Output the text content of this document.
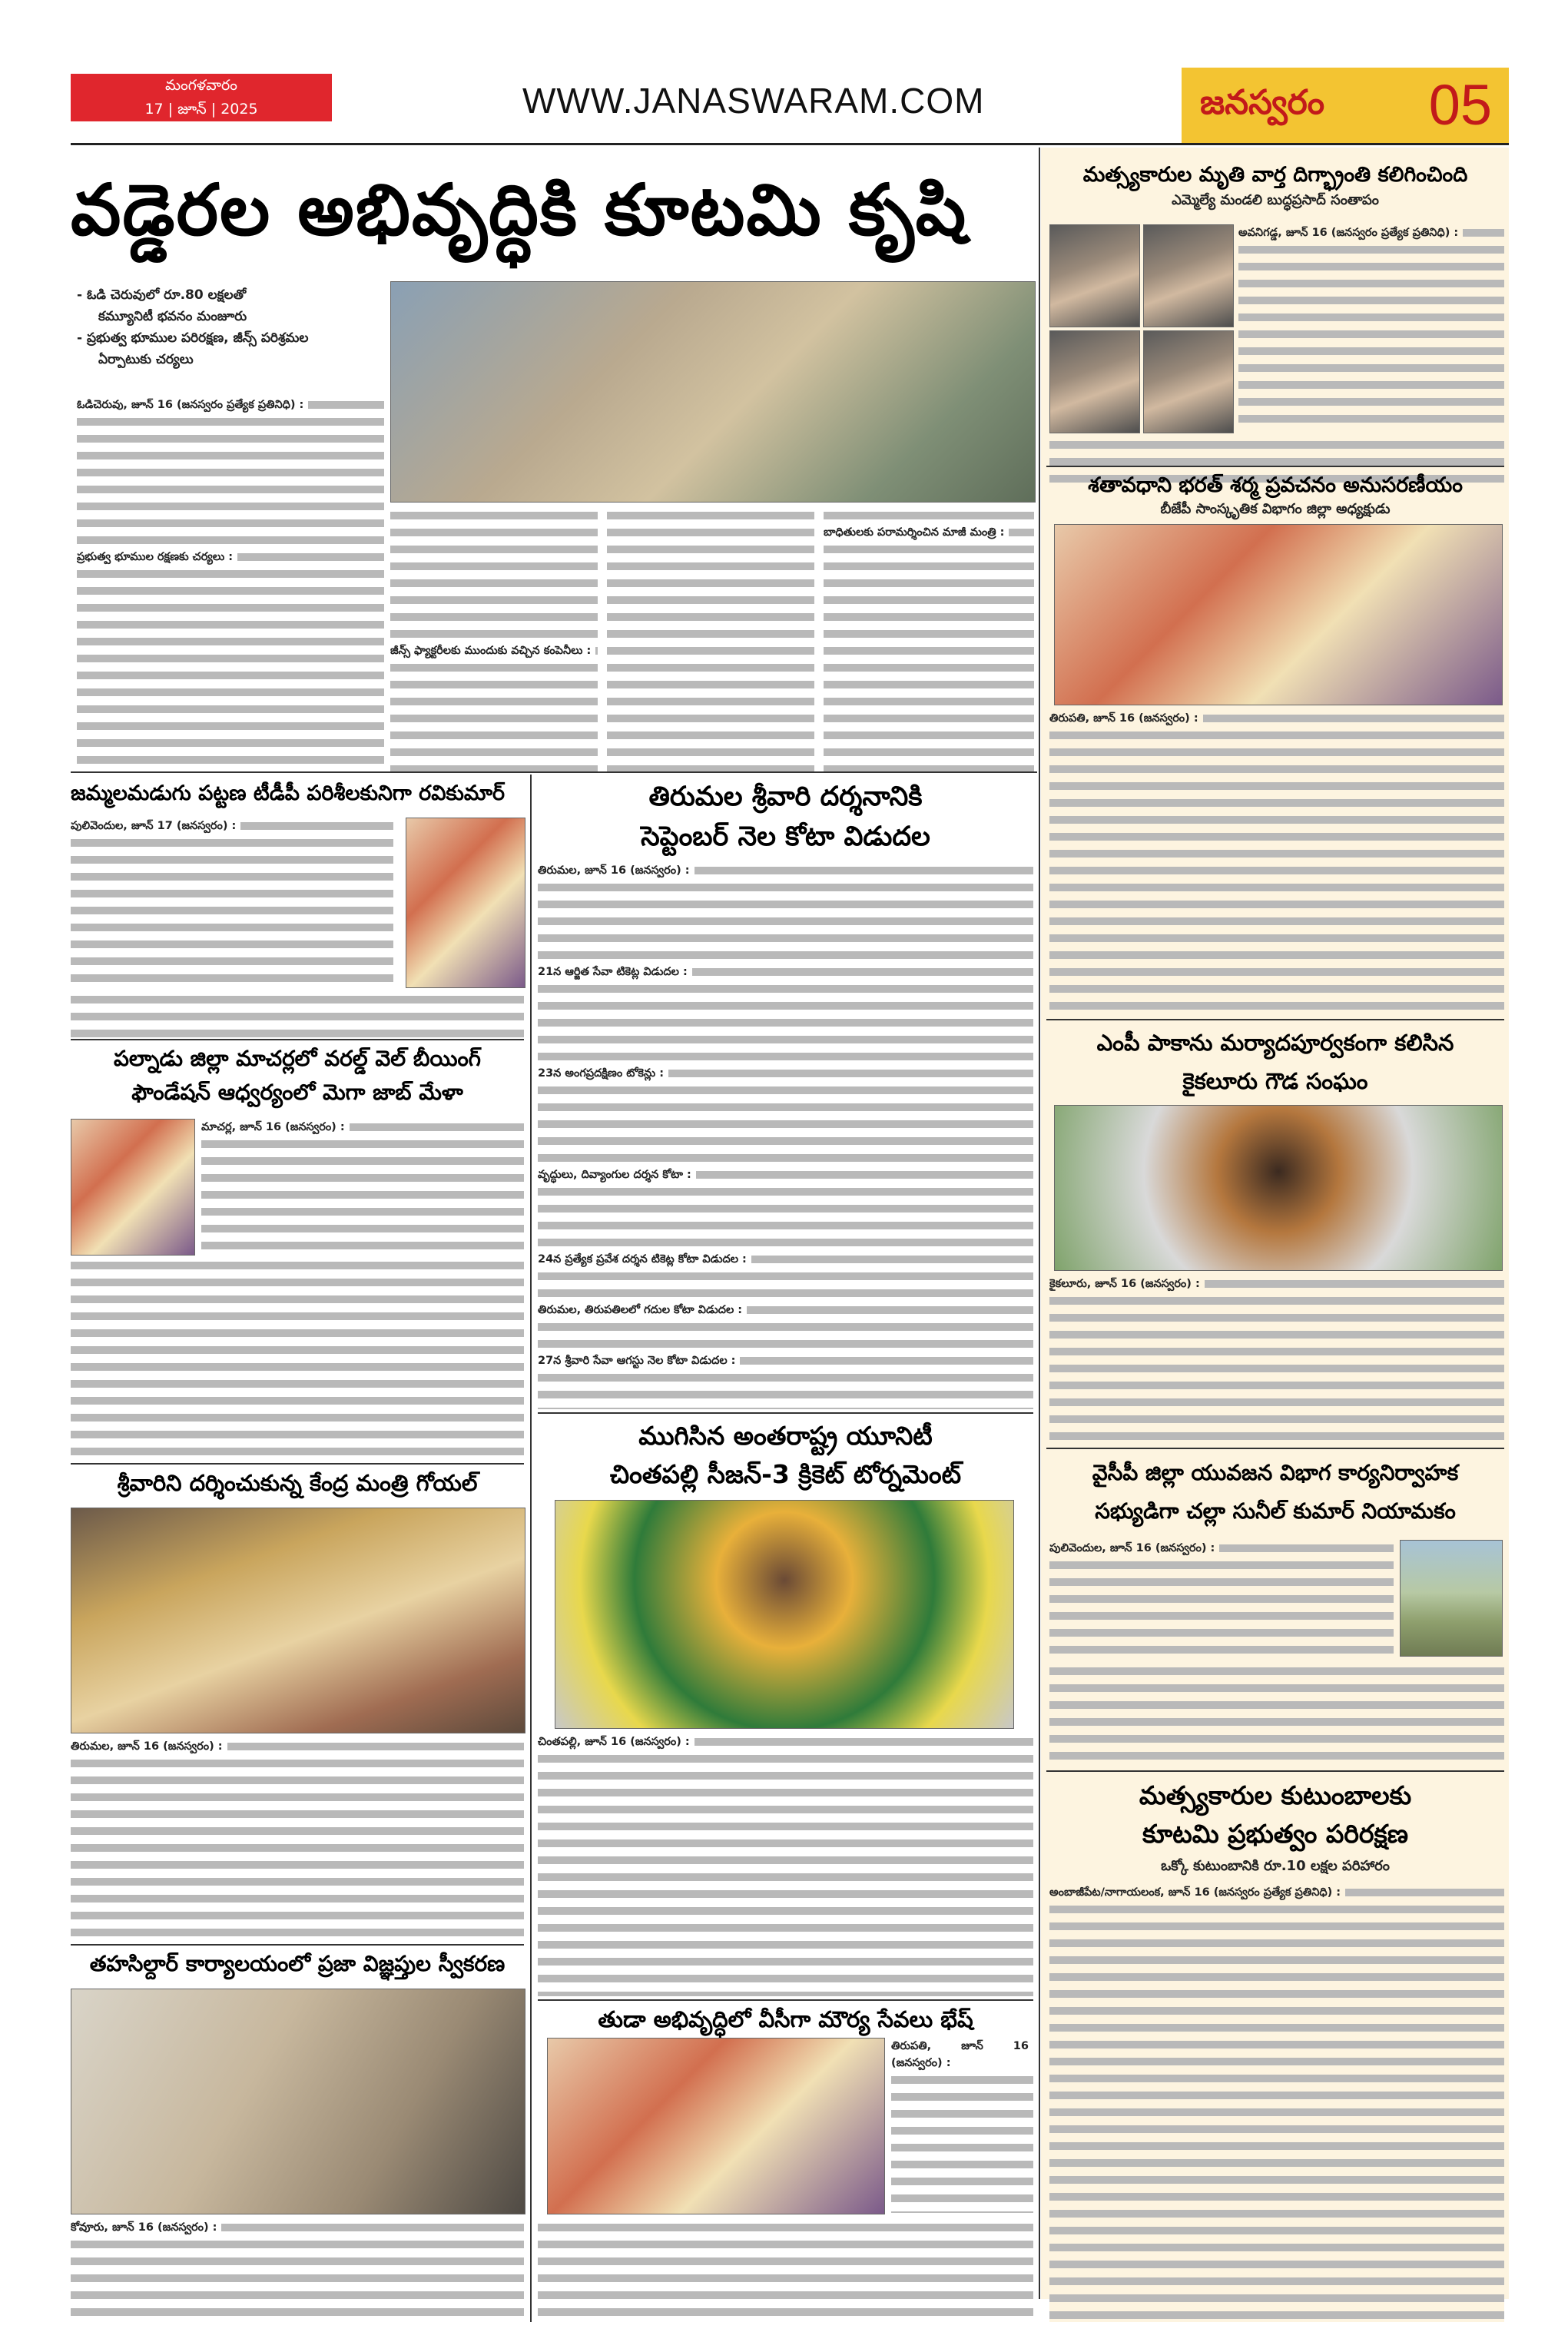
మంగళవారం
17 | జూన్ | 2025	WWW.JANASWARAM.COM	జనస్వరం 05
వడ్డెరల అభివృద్ధికి కూటమి కృషి
- ఓడి చెరువులో రూ.80 లక్షలతో
కమ్యూనిటీ భవనం మంజూరు
- ప్రభుత్వ భూముల పరిరక్షణ, జీన్స్ పరిశ్రమల
ఏర్పాటుకు చర్యలు
ఓడిచెరువు, జూన్ 16 (జనస్వరం ప్రత్యేక ప్రతినిధి) :
ప్రభుత్వ భూముల రక్షణకు చర్యలు :
జీన్స్ ఫ్యాక్టరీలకు ముందుకు వచ్చిన కంపెనీలు :
బాధితులకు పరామర్శించిన మాజీ మంత్రి :
జమ్మలమడుగు పట్టణ టీడీపీ పరిశీలకునిగా రవికుమార్
పులివెందుల, జూన్ 17 (జనస్వరం) :
పల్నాడు జిల్లా మాచర్లలో వరల్డ్ వెల్ బీయింగ్
ఫౌండేషన్ ఆధ్వర్యంలో మెగా జాబ్ మేళా
మాచర్ల, జూన్ 16 (జనస్వరం) :
శ్రీవారిని దర్శించుకున్న కేంద్ర మంత్రి గోయల్
తిరుమల, జూన్ 16 (జనస్వరం) :
తహసిల్దార్ కార్యాలయంలో ప్రజా విజ్ఞప్తుల స్వీకరణ
కోవూరు, జూన్ 16 (జనస్వరం) :
తిరుమల శ్రీవారి దర్శనానికి
సెప్టెంబర్ నెల కోటా విడుదల
తిరుమల, జూన్ 16 (జనస్వరం) :
21న ఆర్జిత సేవా టికెట్ల విడుదల :
23న అంగప్రదక్షిణం టోకెన్లు :
వృద్ధులు, దివ్యాంగుల దర్శన కోటా :
24న ప్రత్యేక ప్రవేశ దర్శన టికెట్ల కోటా విడుదల :
తిరుమల, తిరుపతిలలో గదుల కోటా విడుదల :
27న శ్రీవారి సేవా ఆగస్టు నెల కోటా విడుదల :
ముగిసిన అంతరాష్ట్ర యూనిటీ
చింతపల్లి సీజన్-3 క్రికెట్ టోర్నమెంట్
చింతపల్లి, జూన్ 16 (జనస్వరం) :
తుడా అభివృద్ధిలో వీసీగా మౌర్య సేవలు భేష్
తిరుపతి, జూన్ 16 (జనస్వరం) :
మత్స్యకారుల మృతి వార్త దిగ్భ్రాంతి కలిగించింది
ఎమ్మెల్యే మండలి బుద్ధప్రసాద్ సంతాపం
అవనిగడ్డ, జూన్ 16 (జనస్వరం ప్రత్యేక ప్రతినిధి) :
శతావధాని భరత్ శర్మ ప్రవచనం అనుసరణీయం
బీజేపీ సాంస్కృతిక విభాగం జిల్లా అధ్యక్షుడు
తిరుపతి, జూన్ 16 (జనస్వరం) :
ఎంపీ పాకాను మర్యాదపూర్వకంగా కలిసిన
కైకలూరు గౌడ సంఘం
కైకలూరు, జూన్ 16 (జనస్వరం) :
వైసీపీ జిల్లా యువజన విభాగ కార్యనిర్వాహక
సభ్యుడిగా చల్లా సునీల్ కుమార్ నియామకం
పులివెందుల, జూన్ 16 (జనస్వరం) :
మత్స్యకారుల కుటుంబాలకు
కూటమి ప్రభుత్వం పరిరక్షణ
ఒక్కో కుటుంబానికి రూ.10 లక్షల పరిహారం
అంబాజీపేట/నాగాయలంక, జూన్ 16 (జనస్వరం ప్రత్యేక ప్రతినిధి) :
